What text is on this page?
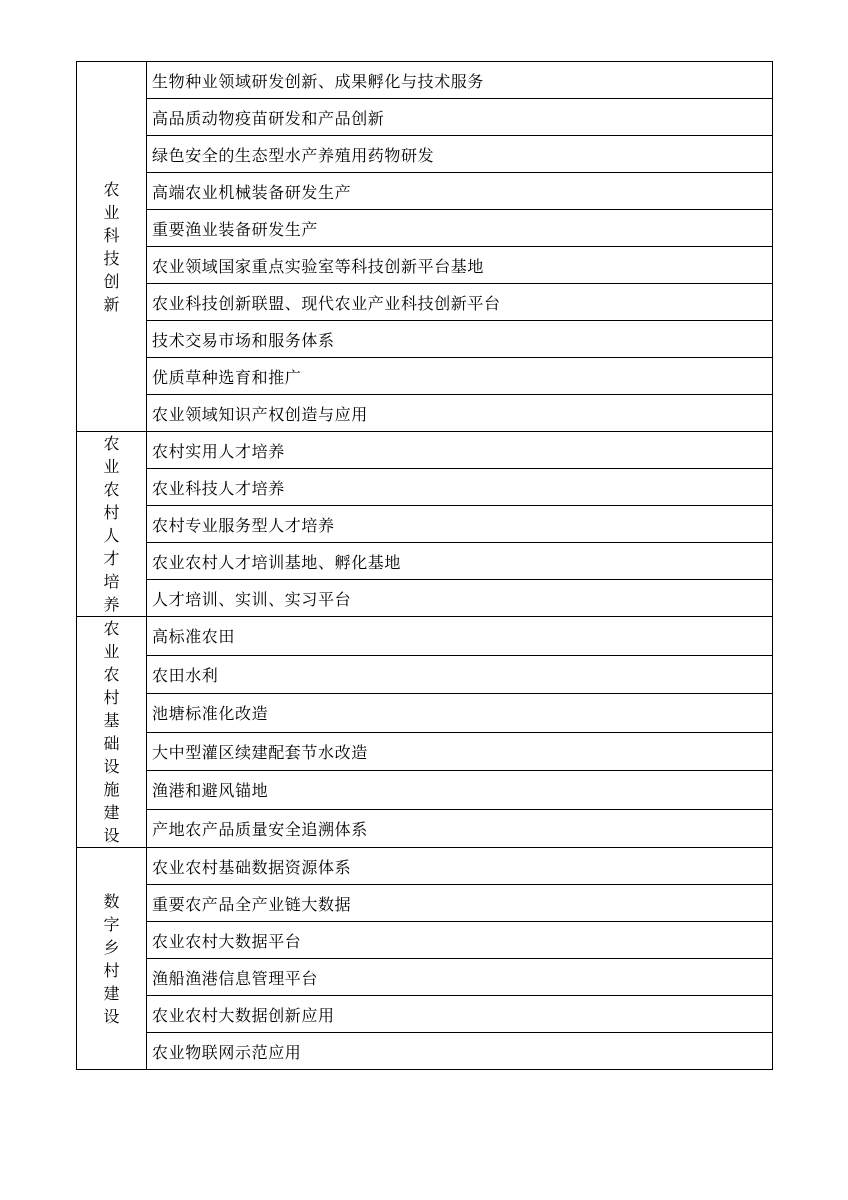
农业科技创新	生物种业领域研发创新、成果孵化与技术服务
	高品质动物疫苗研发和产品创新
	绿色安全的生态型水产养殖用药物研发
	高端农业机械装备研发生产
	重要渔业装备研发生产
	农业领域国家重点实验室等科技创新平台基地
	农业科技创新联盟、现代农业产业科技创新平台
	技术交易市场和服务体系
	优质草种选育和推广
	农业领域知识产权创造与应用
农业农村人才培养	农村实用人才培养
	农业科技人才培养
	农村专业服务型人才培养
	农业农村人才培训基地、孵化基地
	人才培训、实训、实习平台
农业农村基础设施建设	高标准农田
	农田水利
	池塘标准化改造
	大中型灌区续建配套节水改造
	渔港和避风锚地
	产地农产品质量安全追溯体系
数字乡村建设	农业农村基础数据资源体系
	重要农产品全产业链大数据
	农业农村大数据平台
	渔船渔港信息管理平台
	农业农村大数据创新应用
	农业物联网示范应用
